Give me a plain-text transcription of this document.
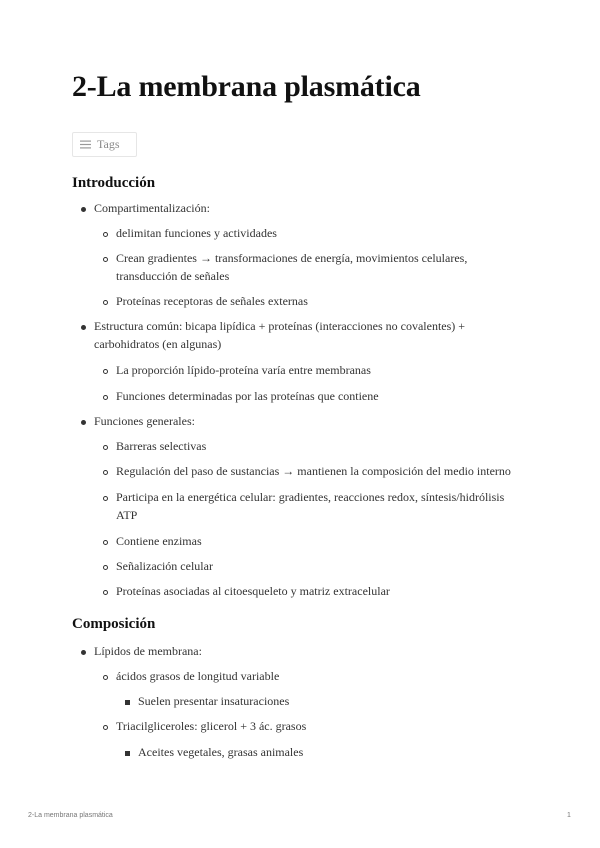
2-La membrana plasmática
Tags
Introducción

Compartimentalización:

delimitan funciones y actividades

Crean gradientes → transformaciones de energía, movimientos celulares, transducción de señales

Proteínas receptoras de señales externas

Estructura común: bicapa lipídica + proteínas (interacciones no covalentes) + carbohidratos (en algunas)

La proporción lípido-proteína varía entre membranas

Funciones determinadas por las proteínas que contiene

Funciones generales:

Barreras selectivas

Regulación del paso de sustancias → mantienen la composición del medio interno

Participa en la energética celular: gradientes, reacciones redox, síntesis/hidrólisis ATP

Contiene enzimas

Señalización celular

Proteínas asociadas al citoesqueleto y matriz extracelular

Composición

Lípidos de membrana:

ácidos grasos de longitud variable

Suelen presentar insaturaciones

Triacilgliceroles: glicerol + 3 ác. grasos

Aceites vegetales, grasas animales

2-La membrana plasmática	1
